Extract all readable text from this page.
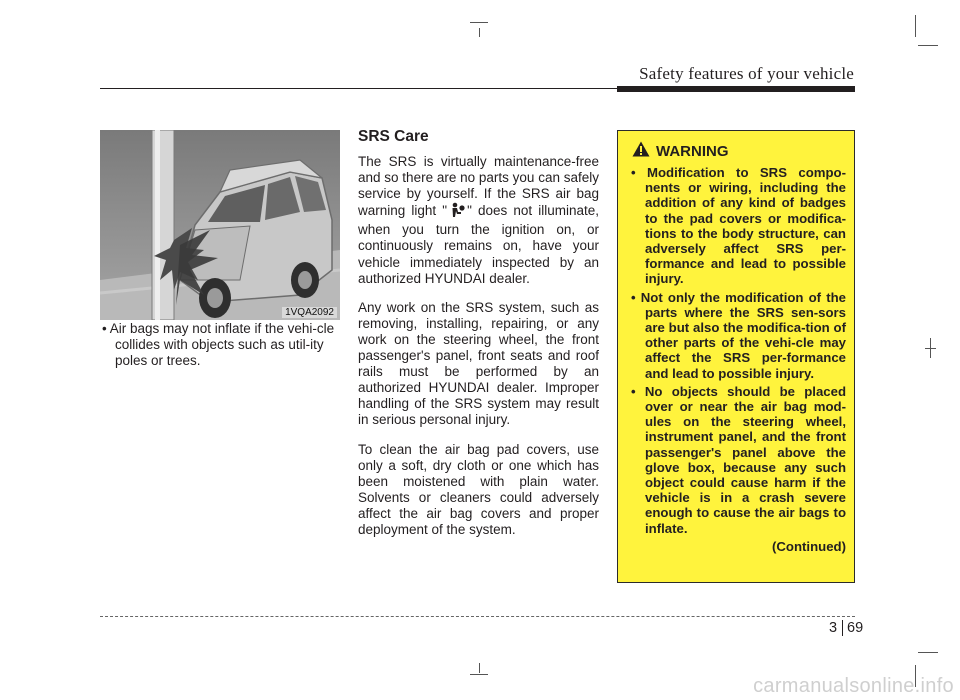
Safety features of your vehicle
1VQA2092
• Air bags may not inflate if the vehi-cle collides with objects such as util-ity poles or trees.
SRS Care

The SRS is virtually maintenance-free and so there are no parts you can safely service by yourself. If the SRS air bag warning light " " does not illuminate, when you turn the ignition on, or continuously remains on, have your vehicle immediately inspected by an authorized HYUNDAI dealer.

Any work on the SRS system, such as removing, installing, repairing, or any work on the steering wheel, the front passenger's panel, front seats and roof rails must be performed by an authorized HYUNDAI dealer. Improper handling of the SRS system may result in serious personal injury.

To clean the air bag pad covers, use only a soft, dry cloth or one which has been moistened with plain water. Solvents or cleaners could adversely affect the air bag covers and proper deployment of the system.

WARNING
• Modification to SRS compo-nents or wiring, including the addition of any kind of badges to the pad covers or modifica-tions to the body structure, can adversely affect SRS per-formance and lead to possible injury.
• Not only the modification of the parts where the SRS sen-sors are but also the modifica-tion of other parts of the vehi-cle may affect the SRS per-formance and lead to possible injury.
• No objects should be placed over or near the air bag mod-ules on the steering wheel, instrument panel, and the front passenger's panel above the glove box, because any such object could cause harm if the vehicle is in a crash severe enough to cause the air bags to inflate.
(Continued)
3 69
carmanualsonline.info
